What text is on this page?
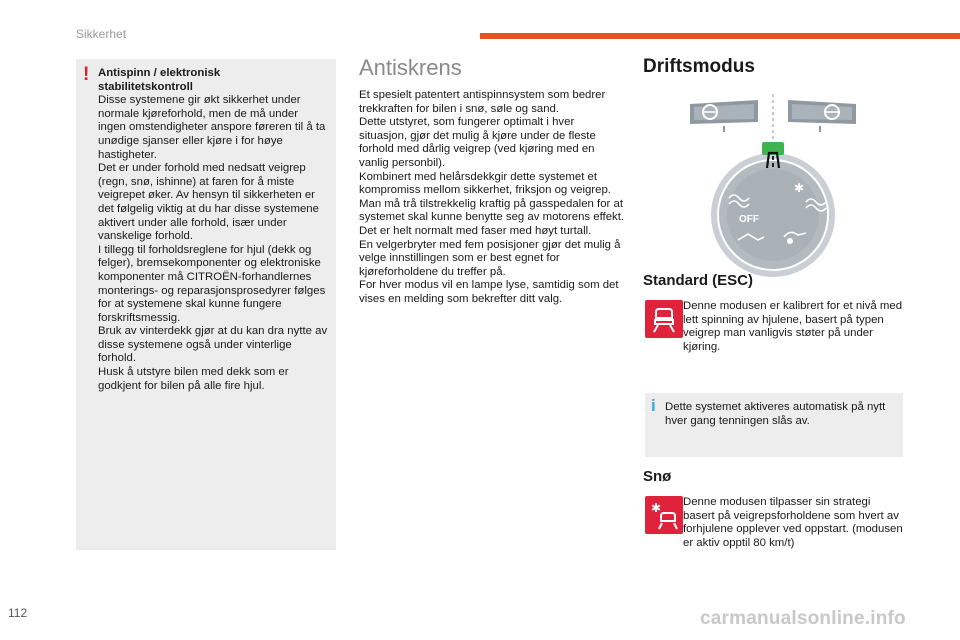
Sikkerhet
! Antispinn / elektronisk
stabilitetskontroll
Disse systemene gir økt sikkerhet under normale kjøreforhold, men de må under ingen omstendigheter anspore føreren til å ta unødige sjanser eller kjøre i for høye hastigheter.
Det er under forhold med nedsatt veigrep (regn, snø, ishinne) at faren for å miste veigrepet øker. Av hensyn til sikkerheten er det følgelig viktig at du har disse systemene aktivert under alle forhold, især under vanskelige forhold.
I tillegg til forholdsreglene for hjul (dekk og felger), bremsekomponenter og elektroniske komponenter må CITROËN-forhandlernes monterings- og reparasjonsprosedyrer følges for at systemene skal kunne fungere forskriftsmessig.
Bruk av vinterdekk gjør at du kan dra nytte av disse systemene også under vinterlige forhold.
Husk å utstyre bilen med dekk som er godkjent for bilen på alle fire hjul.
Antiskrens
Et spesielt patentert antispinnsystem som bedrer trekkraften for bilen i snø, søle og sand.
Dette utstyret, som fungerer optimalt i hver situasjon, gjør det mulig å kjøre under de fleste forhold med dårlig veigrep (ved kjøring med en vanlig personbil).
Kombinert med helårsdekkgir dette systemet et kompromiss mellom sikkerhet, friksjon og veigrep.
Man må trå tilstrekkelig kraftig på gasspedalen for at systemet skal kunne benytte seg av motorens effekt. Det er helt normalt med faser med høyt turtall.
En velgerbryter med fem posisjoner gjør det mulig å velge innstillingen som er best egnet for kjøreforholdene du treffer på.
For hver modus vil en lampe lyse, samtidig som det vises en melding som bekrefter ditt valg.
Driftsmodus
OFF
✱
Standard (ESC)
Denne modusen er kalibrert for et nivå med lett spinning av hjulene, basert på typen veigrep man vanligvis støter på under kjøring.
i Dette systemet aktiveres automatisk på nytt hver gang tenningen slås av.
Snø
✱ Denne modusen tilpasser sin strategi basert på veigrepsforholdene som hvert av forhjulene opplever ved oppstart. (modusen er aktiv opptil 80 km/t)
112	carmanualsonline.info
